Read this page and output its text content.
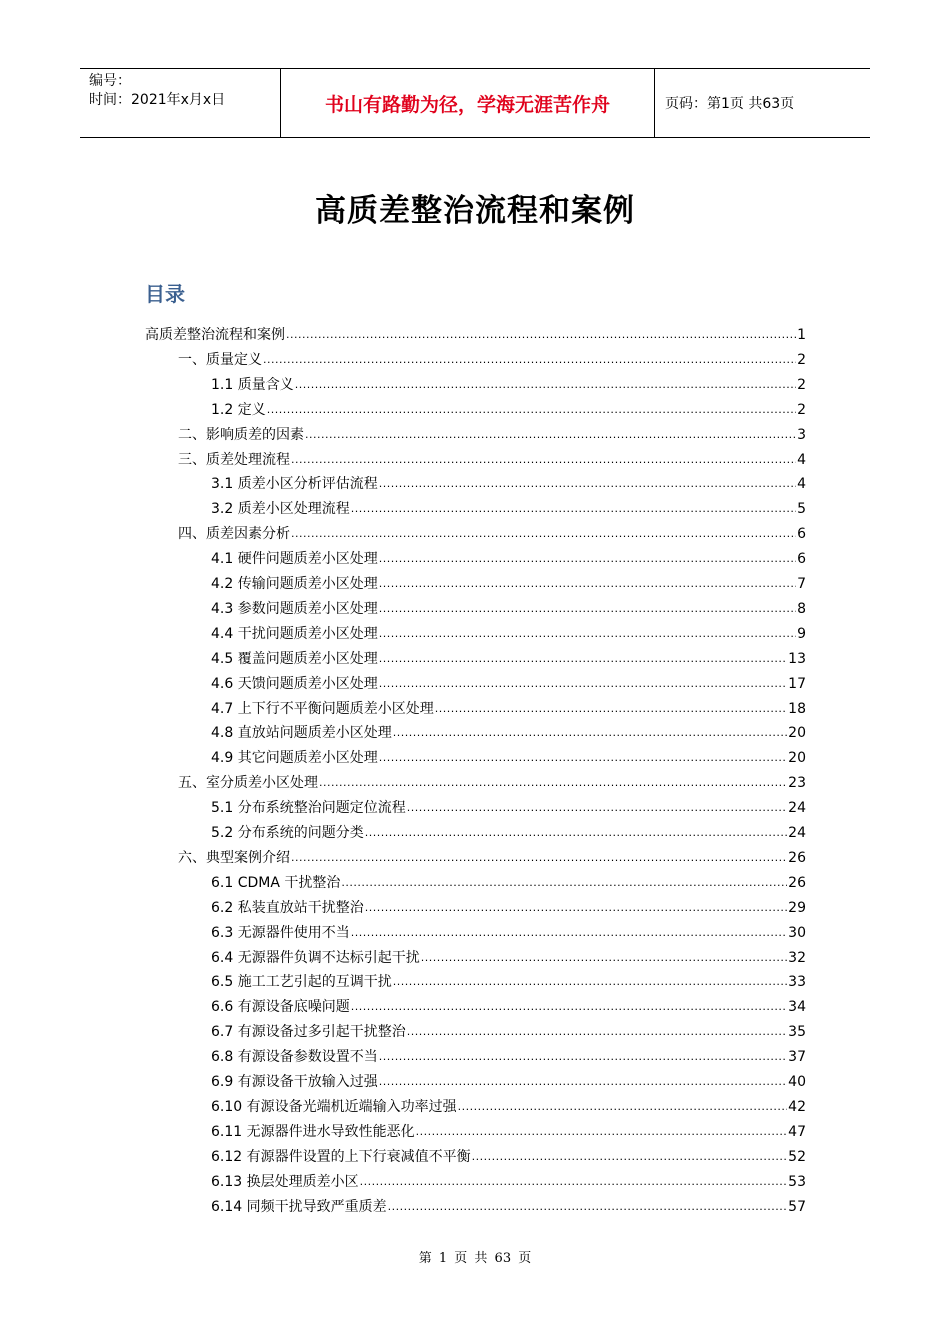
编号：
时间：2021年x月x日	书山有路勤为径，学海无涯苦作舟	页码：第1页 共63页
高质差整治流程和案例
目录
高质差整治流程和案例 .....	1
一、质量定义 .....	2
1.1 质量含义 .....	2
1.2 定义 .....	2
二、影响质差的因素 .....	3
三、质差处理流程 .....	4
3.1 质差小区分析评估流程 .....	4
3.2 质差小区处理流程 .....	5
四、质差因素分析 .....	6
4.1 硬件问题质差小区处理 .....	6
4.2 传输问题质差小区处理 .....	7
4.3 参数问题质差小区处理 .....	8
4.4 干扰问题质差小区处理 .....	9
4.5 覆盖问题质差小区处理 .....	13
4.6 天馈问题质差小区处理 .....	17
4.7 上下行不平衡问题质差小区处理 .....	18
4.8 直放站问题质差小区处理 .....	20
4.9 其它问题质差小区处理 .....	20
五、室分质差小区处理 .....	23
5.1 分布系统整治问题定位流程 .....	24
5.2 分布系统的问题分类 .....	24
六、典型案例介绍 .....	26
6.1 CDMA 干扰整治 .....	26
6.2 私装直放站干扰整治 .....	29
6.3 无源器件使用不当 .....	30
6.4 无源器件负调不达标引起干扰 .....	32
6.5 施工工艺引起的互调干扰 .....	33
6.6 有源设备底噪问题 .....	34
6.7 有源设备过多引起干扰整治 .....	35
6.8 有源设备参数设置不当 .....	37
6.9 有源设备干放输入过强 .....	40
6.10 有源设备光端机近端输入功率过强 .....	42
6.11 无源器件进水导致性能恶化 .....	47
6.12 有源器件设置的上下行衰减值不平衡 .....	52
6.13 换层处理质差小区 .....	53
6.14 同频干扰导致严重质差 .....	57
第 1 页 共 63 页
